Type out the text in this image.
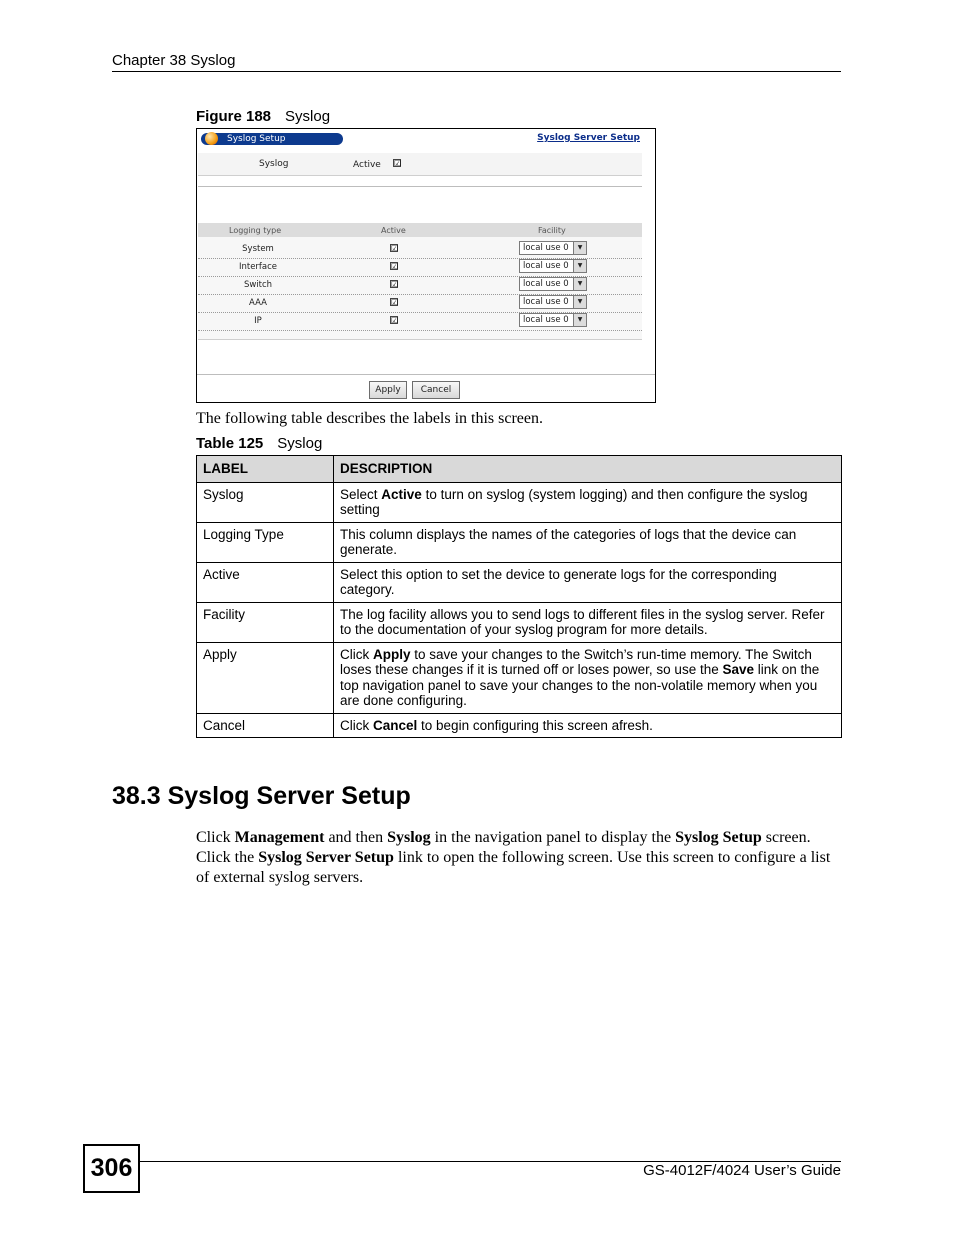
Chapter 38 Syslog
Figure 188 Syslog
Syslog Setup	Syslog Server Setup
Syslog	Active ☑
Logging type	Active	Facility
System	☑	local use 0	▼
Interface	☑	local use 0	▼
Switch	☑	local use 0	▼
AAA	☑	local use 0	▼
IP	☑	local use 0	▼
Apply	Cancel
The following table describes the labels in this screen.
Table 125 Syslog
LABEL	DESCRIPTION
Syslog	Select Active to turn on syslog (system logging) and then configure the syslog setting
Logging Type	This column displays the names of the categories of logs that the device can generate.
Active	Select this option to set the device to generate logs for the corresponding category.
Facility	The log facility allows you to send logs to different files in the syslog server. Refer to the documentation of your syslog program for more details.
Apply	Click Apply to save your changes to the Switch’s run-time memory. The Switch loses these changes if it is turned off or loses power, so use the Save link on the top navigation panel to save your changes to the non-volatile memory when you are done configuring.
Cancel	Click Cancel to begin configuring this screen afresh.
38.3 Syslog Server Setup
Click Management and then Syslog in the navigation panel to display the Syslog Setup screen. Click the Syslog Server Setup link to open the following screen. Use this screen to configure a list of external syslog servers.
306	GS-4012F/4024 User’s Guide
